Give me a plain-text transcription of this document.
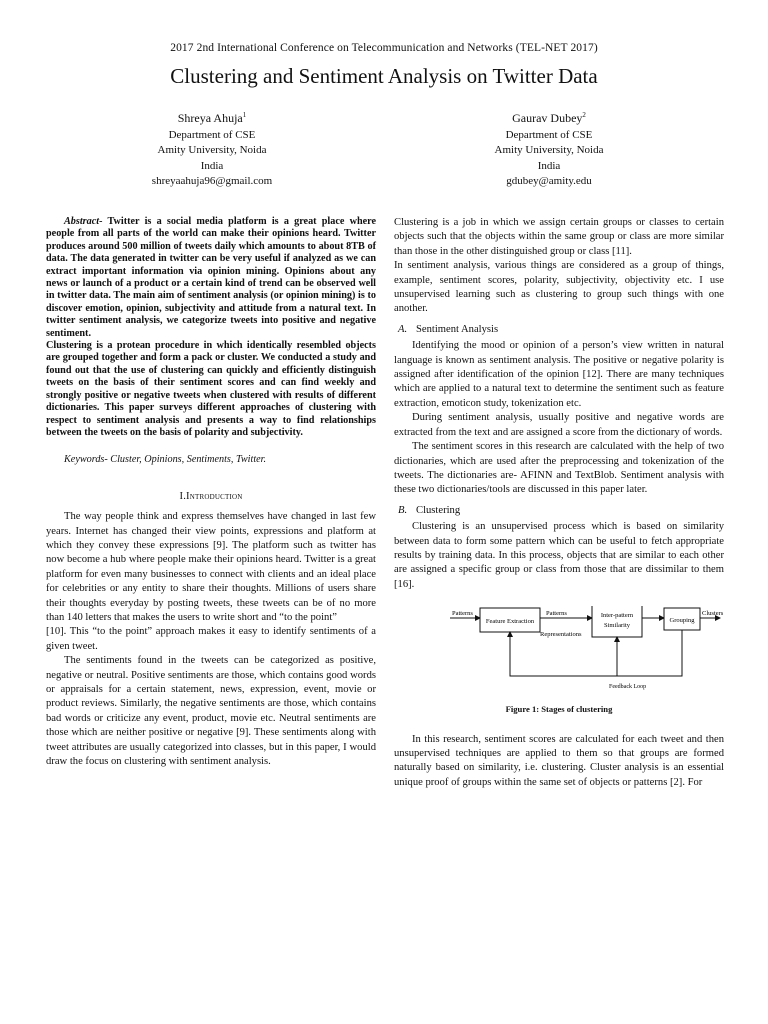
2017 2nd International Conference on Telecommunication and Networks (TEL-NET 2017)
Clustering and Sentiment Analysis on Twitter Data
Shreya Ahuja$^1$
Department of CSE
Amity University, Noida
India
shreyaahuja96@gmail.com
Gaurav Dubey$^2$
Department of CSE
Amity University, Noida
India
gdubey@amity.edu

Abstract- Twitter is a social media platform is a great place where people from all parts of the world can make their opinions heard. Twitter produces around 500 million of tweets daily which amounts to about 8TB of data. The data generated in twitter can be very useful if analyzed as we can extract important information via opinion mining. Opinions about any news or launch of a product or a certain kind of trend can be observed well in twitter data. The main aim of sentiment analysis (or opinion mining) is to discover emotion, opinion, subjectivity and attitude from a natural text. In twitter sentiment analysis, we categorize tweets into positive and negative sentiment.

Clustering is a protean procedure in which identically resembled objects are grouped together and form a pack or cluster. We conducted a study and found out that the use of clustering can quickly and efficiently distinguish tweets on the basis of their sentiment scores and can find weekly and strongly positive or negative tweets when clustered with results of different dictionaries. This paper surveys different approaches of clustering with respect to sentiment analysis and presents a way to find relationships between the tweets on the basis of polarity and subjectivity.

Keywords- Cluster, Opinions, Sentiments, Twitter.

I.Introduction

The way people think and express themselves have changed in last few years. Internet has changed their view points, expressions and platform at which they convey these expressions [9]. The platform such as twitter has now become a hub where people make their opinions heard. Twitter is a great platform for even many businesses to connect with clients and an ideal place for celebrities or any entity to share their thoughts. Millions of users share their thoughts everyday by posting tweets, these tweets can be of no more than 140 letters that makes the users to write short and “to the point”

[10]. This “to the point” approach makes it easy to identify sentiments of a given tweet.

The sentiments found in the tweets can be categorized as positive, negative or neutral. Positive sentiments are those, which contains good words or appraisals for a certain statement, news, expression, event, movie or product reviews. Similarly, the negative sentiments are those, which contains bad words or criticize any event, product, movie etc. Neutral sentiments are those which are neither positive or negative [9]. These sentiments along with tweet attributes are usually categorized into classes, but in this paper, I would draw the focus on clustering with sentiment analysis.

Clustering is a job in which we assign certain groups or classes to certain objects such that the objects within the same group or class are more similar than those in the other distinguished group or class [11].

In sentiment analysis, various things are considered as a group of things, example, sentiment scores, polarity, subjectivity, objectivity etc. I use unsupervised learning such as clustering to group such things with one another.

A. Sentiment Analysis

Identifying the mood or opinion of a person’s view written in natural language is known as sentiment analysis. The positive or negative polarity is assigned after identification of the opinion [12]. There are many techniques which are applied to a natural text to determine the sentiment such as feature extraction, emoticon study, tokenization etc.

During sentiment analysis, usually positive and negative words are extracted from the text and are assigned a score from the dictionary of words.

The sentiment scores in this research are calculated with the help of two dictionaries, which are used after the preprocessing and tokenization of the tweets. The dictionaries are- AFINN and TextBlob. Sentiment analysis with these two dictionaries/tools are discussed in this paper later.

B. Clustering

Clustering is an unsupervised process which is based on similarity between data to form some pattern which can be useful to fetch appropriate results by training data. In this process, objects that are similar to each other are assigned a specific group or class from those that are dissimilar to them [16].

Patterns
Feature Extraction
Patterns
Representations
Inter-pattern
Similarity
Grouping
Clusters
Feedback Loop
Figure 1: Stages of clustering

In this research, sentiment scores are calculated for each tweet and then unsupervised techniques are applied to them so that groups are formed naturally based on similarity, i.e. clustering. Cluster analysis is an essential unique proof of groups within the same set of objects or patterns [2]. For
